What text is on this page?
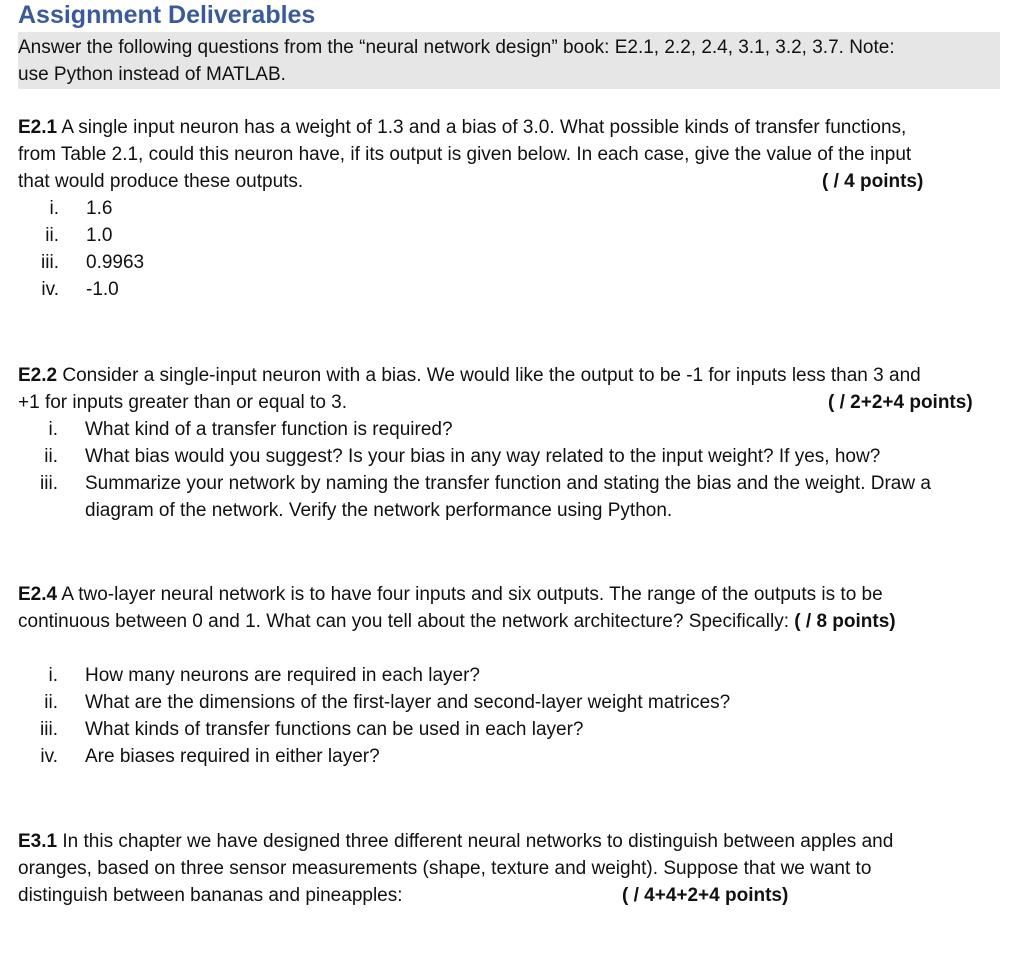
Assignment Deliverables
Answer the following questions from the “neural network design” book: E2.1, 2.2, 2.4, 3.1, 3.2, 3.7. Note:
use Python instead of MATLAB.
E2.1 A single input neuron has a weight of 1.3 and a bias of 3.0. What possible kinds of transfer functions,
from Table 2.1, could this neuron have, if its output is given below. In each case, give the value of the input
that would produce these outputs.	( / 4 points)
i. 1.6
ii. 1.0
iii. 0.9963
iv. -1.0
E2.2 Consider a single-input neuron with a bias. We would like the output to be -1 for inputs less than 3 and
+1 for inputs greater than or equal to 3.	( / 2+2+4 points)
i. What kind of a transfer function is required?
ii. What bias would you suggest? Is your bias in any way related to the input weight? If yes, how?
iii. Summarize your network by naming the transfer function and stating the bias and the weight. Draw a diagram of the network. Verify the network performance using Python.
E2.4 A two-layer neural network is to have four inputs and six outputs. The range of the outputs is to be
continuous between 0 and 1. What can you tell about the network architecture? Specifically: ( / 8 points)
i. How many neurons are required in each layer?
ii. What are the dimensions of the first-layer and second-layer weight matrices?
iii. What kinds of transfer functions can be used in each layer?
iv. Are biases required in either layer?
E3.1 In this chapter we have designed three different neural networks to distinguish between apples and
oranges, based on three sensor measurements (shape, texture and weight). Suppose that we want to
distinguish between bananas and pineapples:	( / 4+4+2+4 points)
